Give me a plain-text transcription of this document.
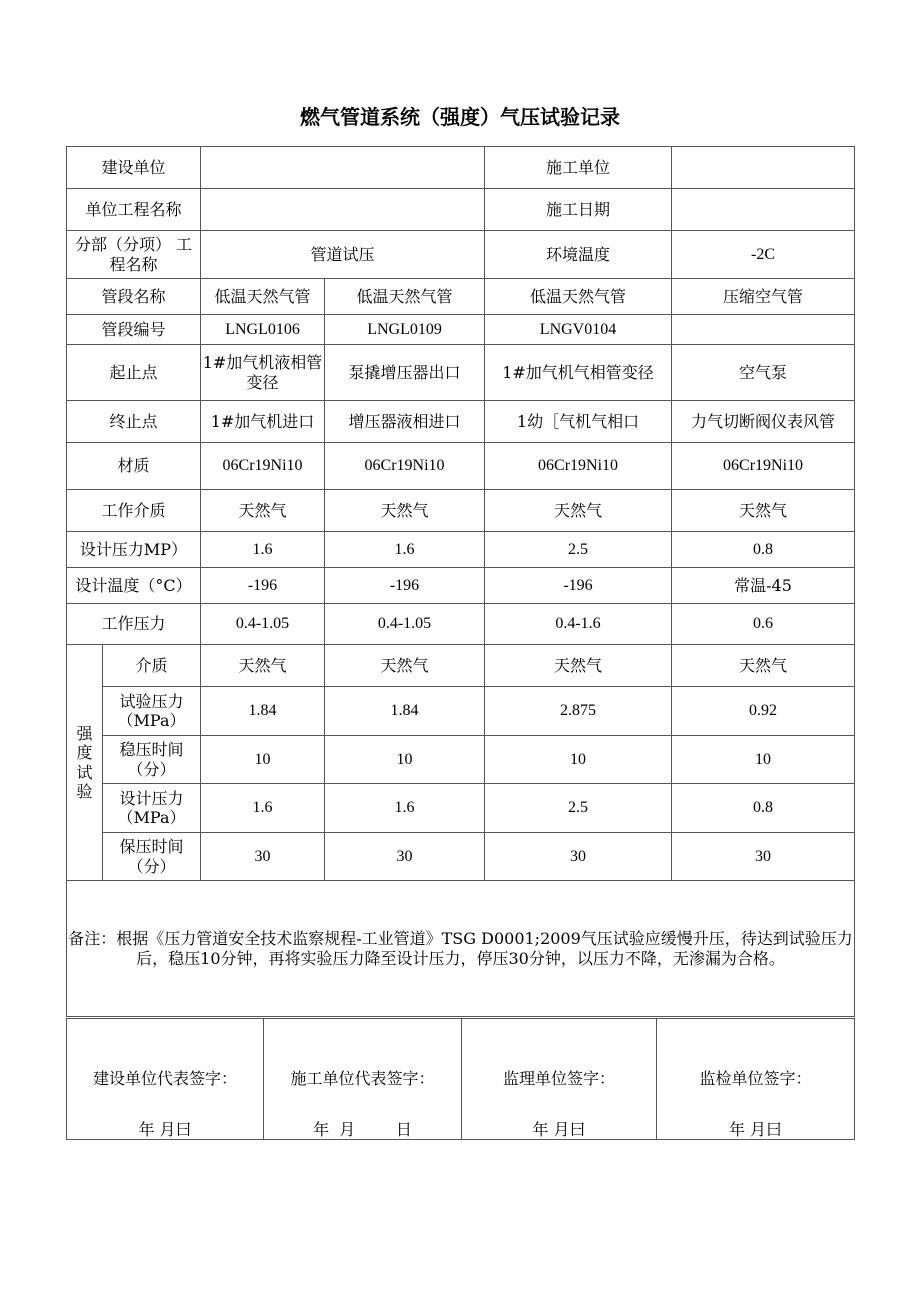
燃气管道系统（强度）气压试验记录
建设单位				施工单位	
单位工程名称				施工日期	
分部（分项） 工程名称		管道试压		环境温度	-2C
管段名称		低温天然气管	低温天然气管	低温天然气管	压缩空气管
管段编号		LNGL0106	LNGL0109	LNGV0104	
起止点		1#加气机液相管变径	泵撬增压器出口	1#加气机气相管变径	空气泵
终止点		1#加气机进口	增压器液相进口	1幼［气机气相口	力气切断阀仪表风管
材质		06Cr19Ni10	06Cr19Ni10	06Cr19Ni10	06Cr19Ni10
工作介质		天然气	天然气	天然气	天然气
设计压力MP）		1.6	1.6	2.5	0.8
设计温度（°C）		-196	-196	-196	常温-45
工作压力		0.4-1.05	0.4-1.05	0.4-1.6	0.6
强
度
试
验	介质	天然气	天然气	天然气	天然气
	试验压力（MPa）	1.84	1.84	2.875	0.92
	稳压时间（分）	10	10	10	10
	设计压力（MPa）	1.6	1.6	2.5	0.8
	保压时间（分）	30	30	30	30
备注：根据《压力管道安全技术监察规程-工业管道》TSG D0001;2009气压试验应缓慢升压，待达到试验压力后，稳压10分钟，再将实验压力降至设计压力，停压30分钟，以压力不降，无渗漏为合格。					
建设单位代表签字：
年 月曰

施工单位代表签字：
年  月        日

监理单位签字：
年 月曰

监检单位签字：
年 月曰
